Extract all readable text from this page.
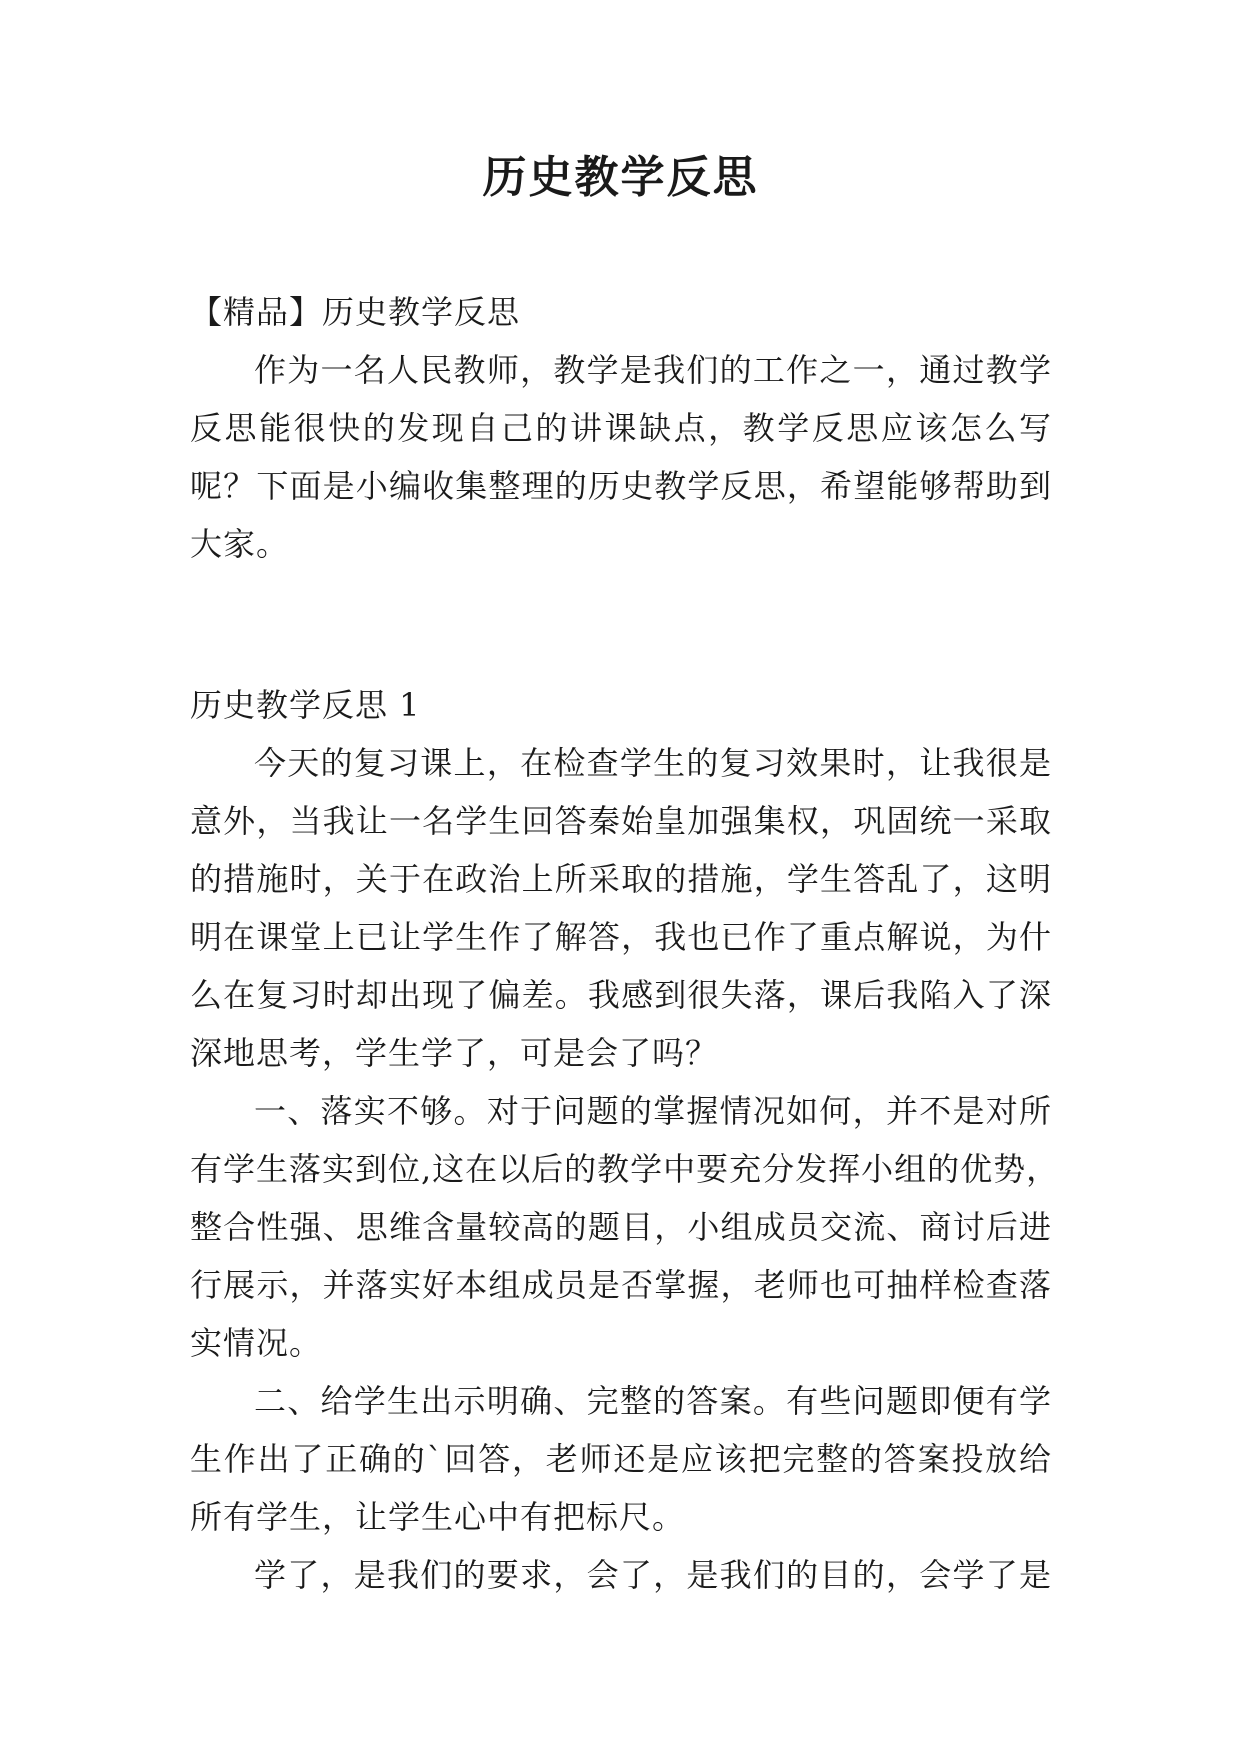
历史教学反思
【精品】历史教学反思
作为一名人民教师，教学是我们的工作之一，通过教学
反思能很快的发现自己的讲课缺点，教学反思应该怎么写
呢？下面是小编收集整理的历史教学反思，希望能够帮助到
大家。
历史教学反思 1
今天的复习课上，在检查学生的复习效果时，让我很是
意外，当我让一名学生回答秦始皇加强集权，巩固统一采取
的措施时，关于在政治上所采取的措施，学生答乱了，这明
明在课堂上已让学生作了解答，我也已作了重点解说，为什
么在复习时却出现了偏差。我感到很失落，课后我陷入了深
深地思考，学生学了，可是会了吗？
一、落实不够。对于问题的掌握情况如何，并不是对所
有学生落实到位,这在以后的教学中要充分发挥小组的优势，
整合性强、思维含量较高的题目，小组成员交流、商讨后进
行展示，并落实好本组成员是否掌握，老师也可抽样检查落
实情况。
二、给学生出示明确、完整的答案。有些问题即便有学
生作出了正确的`回答，老师还是应该把完整的答案投放给
所有学生，让学生心中有把标尺。
学了，是我们的要求，会了，是我们的目的，会学了是
